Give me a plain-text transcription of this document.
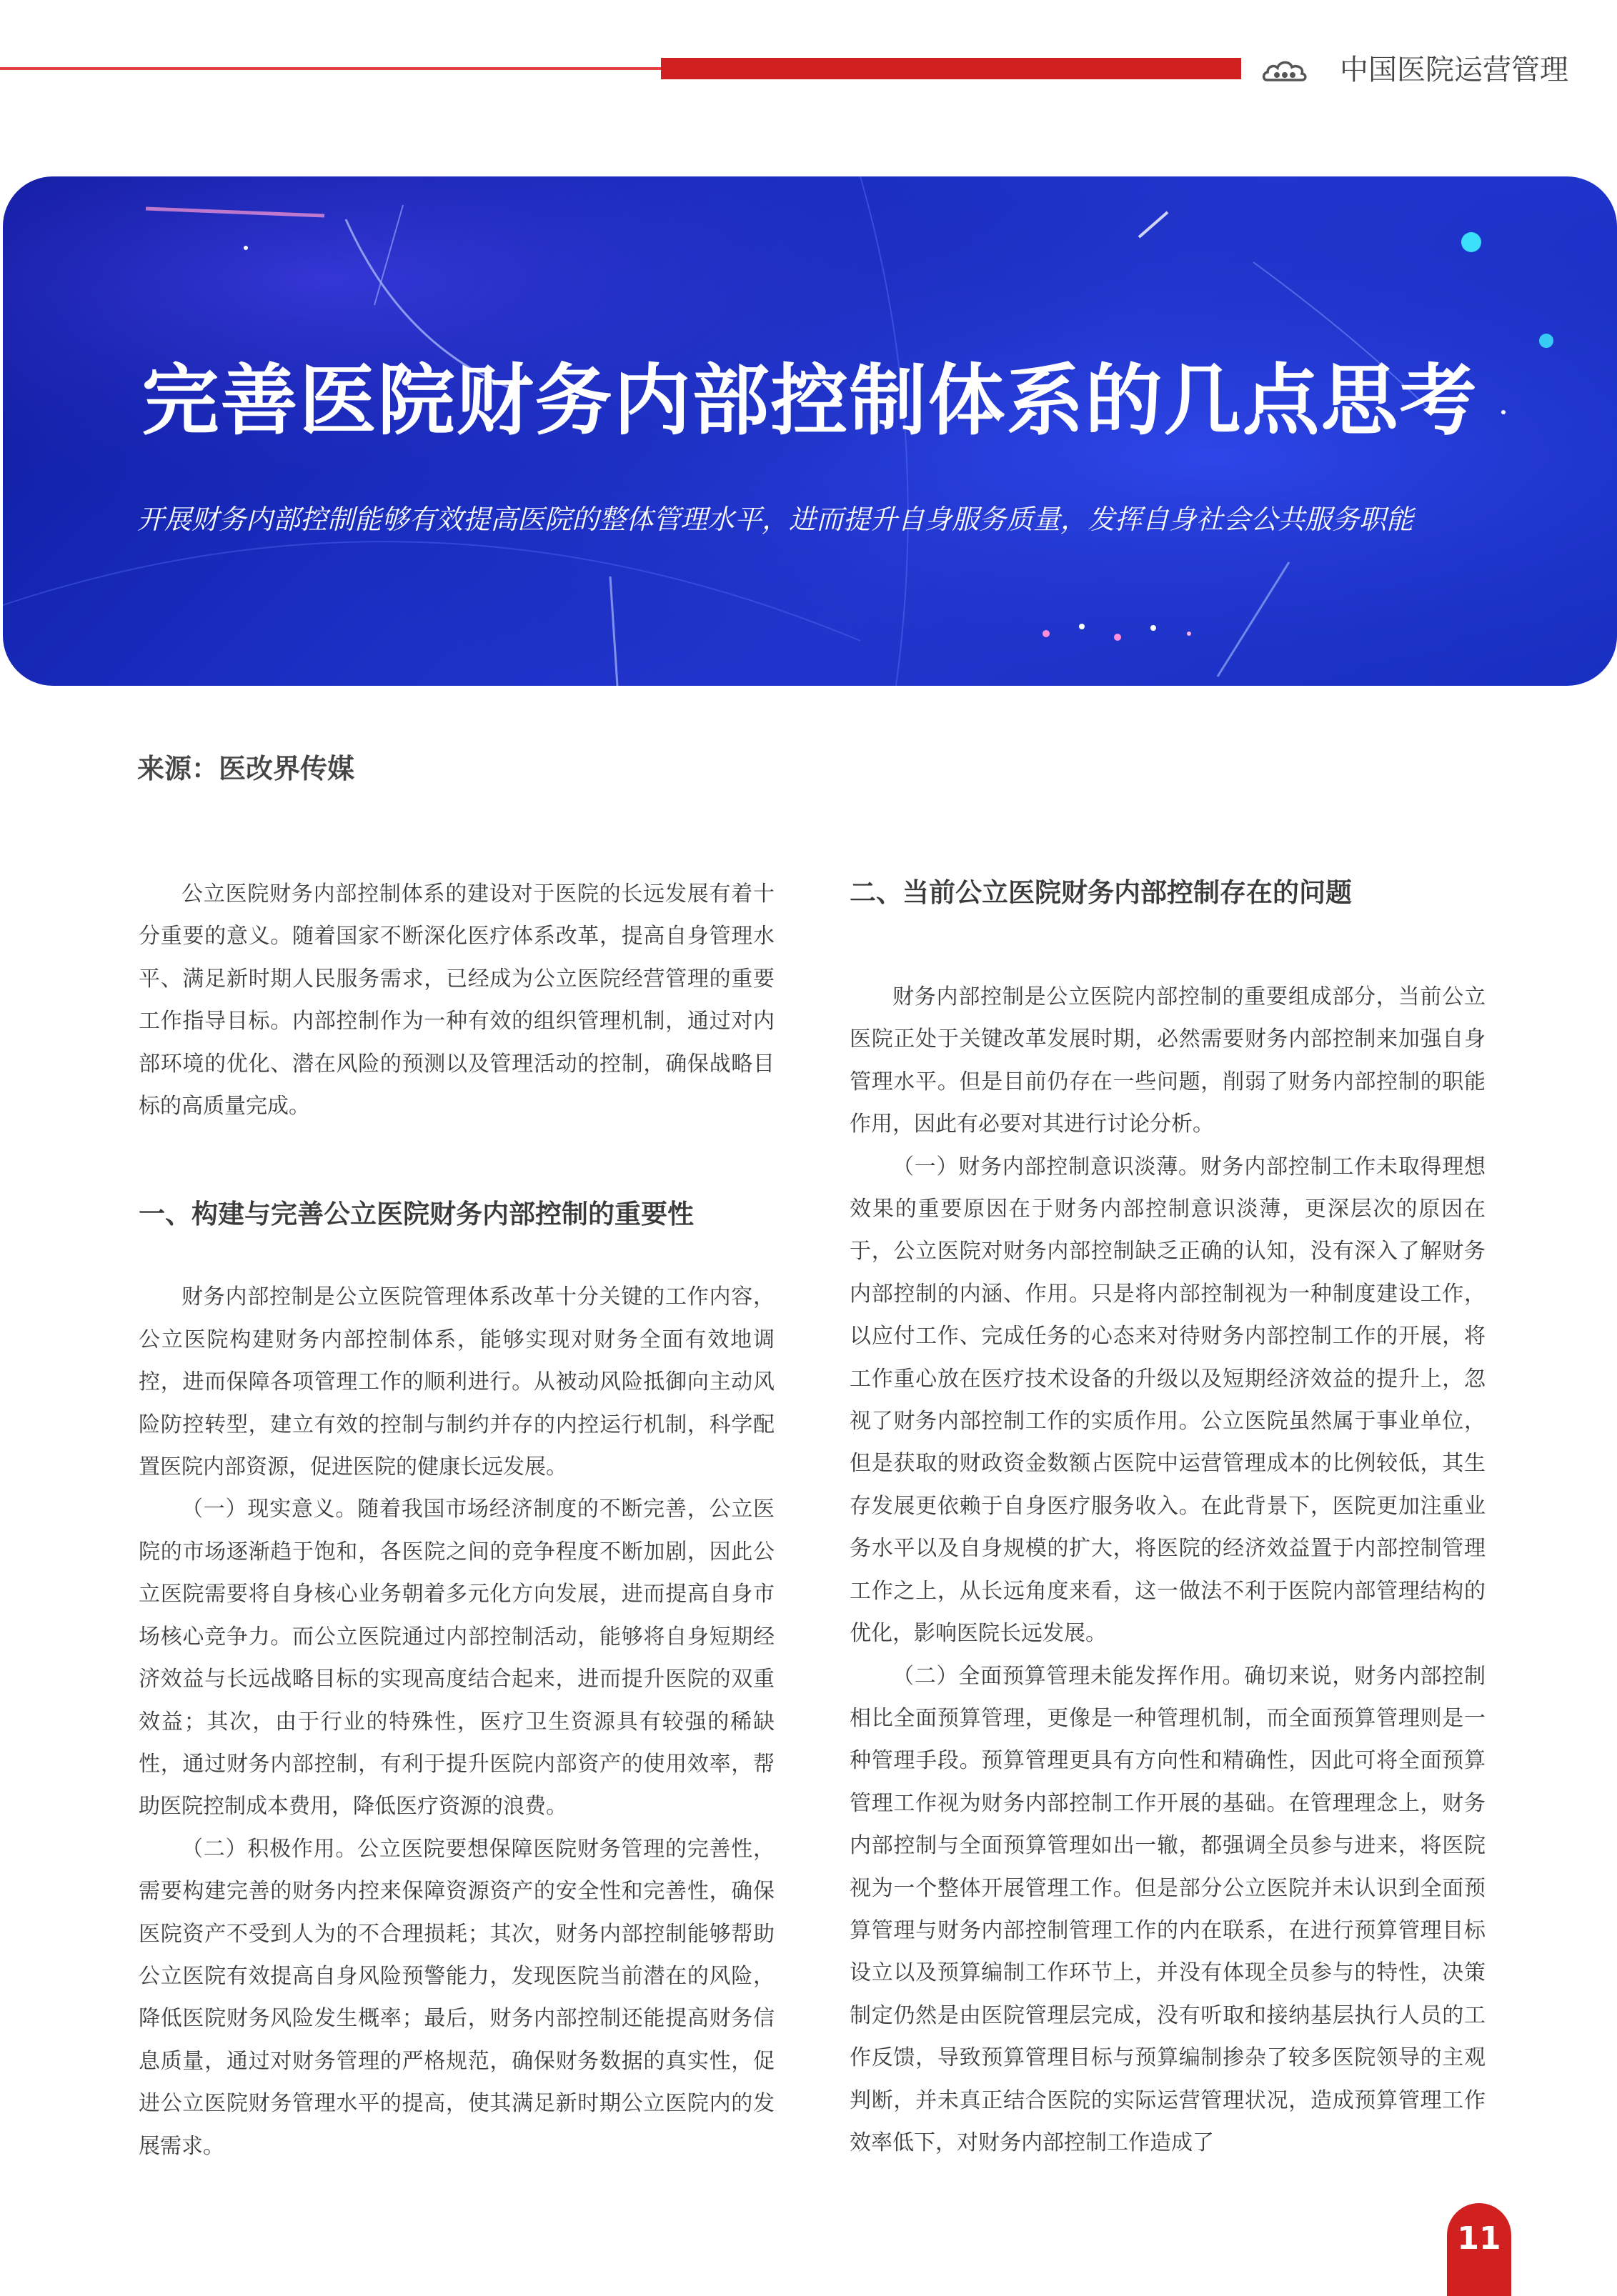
中国医院运营管理
完善医院财务内部控制体系的几点思考
开展财务内部控制能够有效提高医院的整体管理水平，进而提升自身服务质量，发挥自身社会公共服务职能
来源：医改界传媒

公立医院财务内部控制体系的建设对于医院的长远发展有着十分重要的意义。随着国家不断深化医疗体系改革，提高自身管理水平、满足新时期人民服务需求，已经成为公立医院经营管理的重要工作指导目标。内部控制作为一种有效的组织管理机制，通过对内部环境的优化、潜在风险的预测以及管理活动的控制，确保战略目标的高质量完成。

一、构建与完善公立医院财务内部控制的重要性

财务内部控制是公立医院管理体系改革十分关键的工作内容，公立医院构建财务内部控制体系，能够实现对财务全面有效地调控，进而保障各项管理工作的顺利进行。从被动风险抵御向主动风险防控转型，建立有效的控制与制约并存的内控运行机制，科学配置医院内部资源，促进医院的健康长远发展。

（一）现实意义。随着我国市场经济制度的不断完善，公立医院的市场逐渐趋于饱和，各医院之间的竞争程度不断加剧，因此公立医院需要将自身核心业务朝着多元化方向发展，进而提高自身市场核心竞争力。而公立医院通过内部控制活动，能够将自身短期经济效益与长远战略目标的实现高度结合起来，进而提升医院的双重效益；其次，由于行业的特殊性，医疗卫生资源具有较强的稀缺性，通过财务内部控制，有利于提升医院内部资产的使用效率，帮助医院控制成本费用，降低医疗资源的浪费。

（二）积极作用。公立医院要想保障医院财务管理的完善性，需要构建完善的财务内控来保障资源资产的安全性和完善性，确保医院资产不受到人为的不合理损耗；其次，财务内部控制能够帮助公立医院有效提高自身风险预警能力，发现医院当前潜在的风险，降低医院财务风险发生概率；最后，财务内部控制还能提高财务信息质量，通过对财务管理的严格规范，确保财务数据的真实性，促进公立医院财务管理水平的提高，使其满足新时期公立医院内的发展需求。

二、当前公立医院财务内部控制存在的问题

财务内部控制是公立医院内部控制的重要组成部分，当前公立医院正处于关键改革发展时期，必然需要财务内部控制来加强自身管理水平。但是目前仍存在一些问题，削弱了财务内部控制的职能作用，因此有必要对其进行讨论分析。

（一）财务内部控制意识淡薄。财务内部控制工作未取得理想效果的重要原因在于财务内部控制意识淡薄，更深层次的原因在于，公立医院对财务内部控制缺乏正确的认知，没有深入了解财务内部控制的内涵、作用。只是将内部控制视为一种制度建设工作，以应付工作、完成任务的心态来对待财务内部控制工作的开展，将工作重心放在医疗技术设备的升级以及短期经济效益的提升上，忽视了财务内部控制工作的实质作用。公立医院虽然属于事业单位，但是获取的财政资金数额占医院中运营管理成本的比例较低，其生存发展更依赖于自身医疗服务收入。在此背景下，医院更加注重业务水平以及自身规模的扩大，将医院的经济效益置于内部控制管理工作之上，从长远角度来看，这一做法不利于医院内部管理结构的优化，影响医院长远发展。

（二）全面预算管理未能发挥作用。确切来说，财务内部控制相比全面预算管理，更像是一种管理机制，而全面预算管理则是一种管理手段。预算管理更具有方向性和精确性，因此可将全面预算管理工作视为财务内部控制工作开展的基础。在管理理念上，财务内部控制与全面预算管理如出一辙，都强调全员参与进来，将医院视为一个整体开展管理工作。但是部分公立医院并未认识到全面预算管理与财务内部控制管理工作的内在联系，在进行预算管理目标设立以及预算编制工作环节上，并没有体现全员参与的特性，决策制定仍然是由医院管理层完成，没有听取和接纳基层执行人员的工作反馈，导致预算管理目标与预算编制掺杂了较多医院领导的主观判断，并未真正结合医院的实际运营管理状况，造成预算管理工作效率低下，对财务内部控制工作造成了

11
